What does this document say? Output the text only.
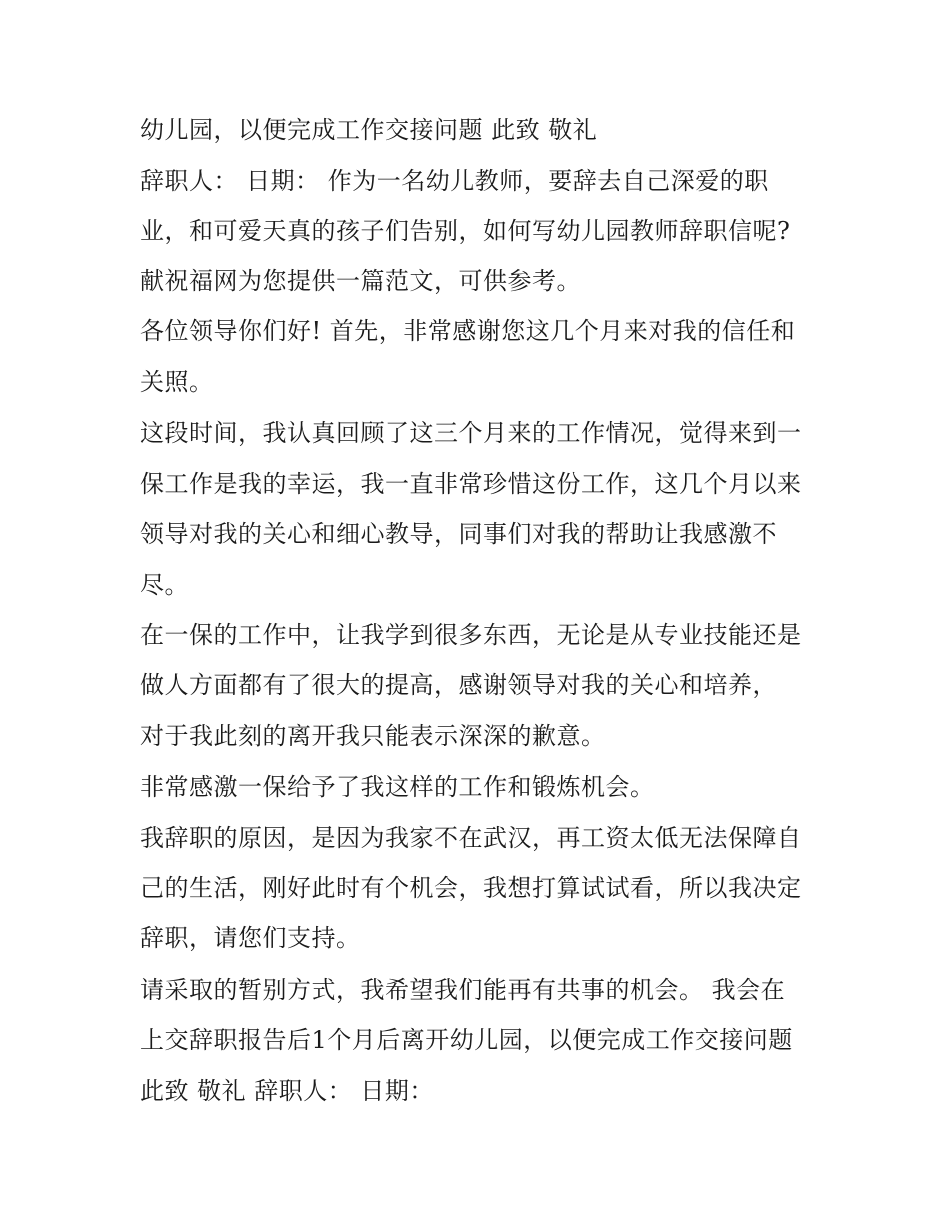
幼儿园，以便完成工作交接问题 此致 敬礼
辞职人： 日期： 作为一名幼儿教师，要辞去自己深爱的职
业，和可爱天真的孩子们告别，如何写幼儿园教师辞职信呢?
献祝福网为您提供一篇范文，可供参考。
各位领导你们好! 首先，非常感谢您这几个月来对我的信任和
关照。
这段时间，我认真回顾了这三个月来的工作情况，觉得来到一
保工作是我的幸运，我一直非常珍惜这份工作，这几个月以来
领导对我的关心和细心教导，同事们对我的帮助让我感激不
尽。
在一保的工作中，让我学到很多东西，无论是从专业技能还是
做人方面都有了很大的提高，感谢领导对我的关心和培养，
对于我此刻的离开我只能表示深深的歉意。
非常感激一保给予了我这样的工作和锻炼机会。
我辞职的原因，是因为我家不在武汉，再工资太低无法保障自
己的生活，刚好此时有个机会，我想打算试试看，所以我决定
辞职，请您们支持。
请采取的暂别方式，我希望我们能再有共事的机会。 我会在
上交辞职报告后1个月后离开幼儿园，以便完成工作交接问题
此致 敬礼 辞职人： 日期：
